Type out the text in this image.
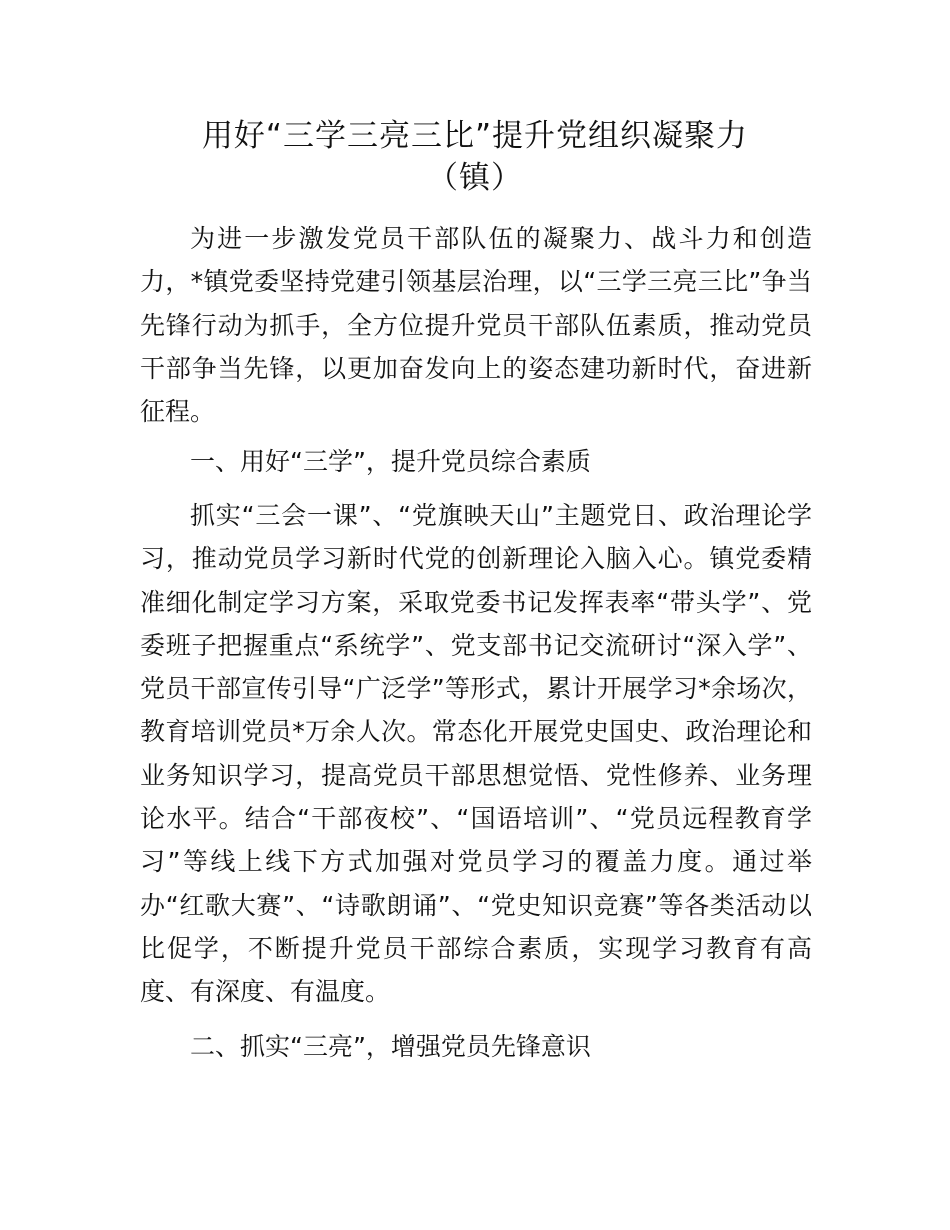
用好“三学三亮三比”提升党组织凝聚力
（镇）

为进一步激发党员干部队伍的凝聚力、战斗力和创造力，*镇党委坚持党建引领基层治理，以“三学三亮三比”争当先锋行动为抓手，全方位提升党员干部队伍素质，推动党员干部争当先锋，以更加奋发向上的姿态建功新时代，奋进新征程。

一、用好“三学”，提升党员综合素质

抓实“三会一课”、“党旗映天山”主题党日、政治理论学习，推动党员学习新时代党的创新理论入脑入心。镇党委精准细化制定学习方案，采取党委书记发挥表率“带头学”、党委班子把握重点“系统学”、党支部书记交流研讨“深入学”、党员干部宣传引导“广泛学”等形式，累计开展学习*余场次，教育培训党员*万余人次。常态化开展党史国史、政治理论和业务知识学习，提高党员干部思想觉悟、党性修养、业务理论水平。结合“干部夜校”、“国语培训”、“党员远程教育学习”等线上线下方式加强对党员学习的覆盖力度。通过举办“红歌大赛”、“诗歌朗诵”、“党史知识竞赛”等各类活动以比促学，不断提升党员干部综合素质，实现学习教育有高度、有深度、有温度。

二、抓实“三亮”，增强党员先锋意识
